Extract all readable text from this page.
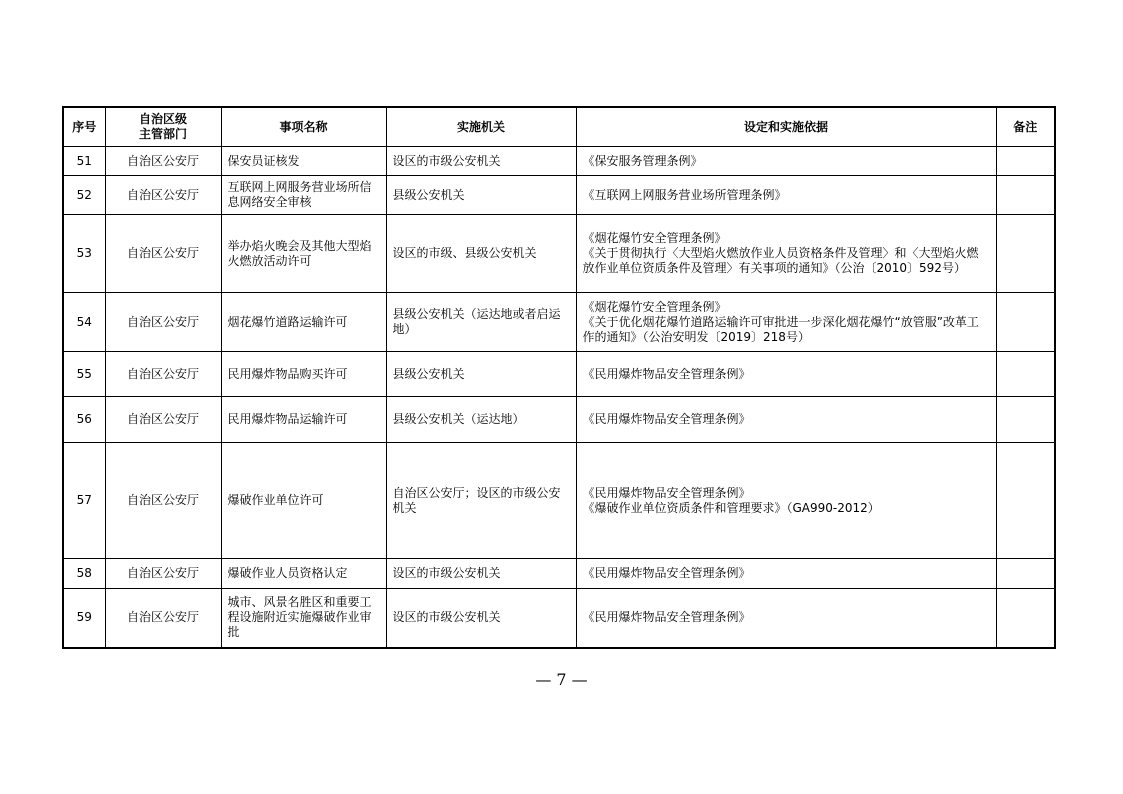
序号	自治区级
主管部门	事项名称	实施机关	设定和实施依据	备注
51	自治区公安厅	保安员证核发	设区的市级公安机关	《保安服务管理条例》	
52	自治区公安厅	互联网上网服务营业场所信息网络安全审核	县级公安机关	《互联网上网服务营业场所管理条例》	
53	自治区公安厅	举办焰火晚会及其他大型焰火燃放活动许可	设区的市级、县级公安机关	《烟花爆竹安全管理条例》
《关于贯彻执行〈大型焰火燃放作业人员资格条件及管理〉和〈大型焰火燃放作业单位资质条件及管理〉有关事项的通知》（公治〔2010〕592号）	
54	自治区公安厅	烟花爆竹道路运输许可	县级公安机关（运达地或者启运地）	《烟花爆竹安全管理条例》
《关于优化烟花爆竹道路运输许可审批进一步深化烟花爆竹“放管服”改革工作的通知》（公治安明发〔2019〕218号）	
55	自治区公安厅	民用爆炸物品购买许可	县级公安机关	《民用爆炸物品安全管理条例》	
56	自治区公安厅	民用爆炸物品运输许可	县级公安机关（运达地）	《民用爆炸物品安全管理条例》	
57	自治区公安厅	爆破作业单位许可	自治区公安厅；设区的市级公安机关	《民用爆炸物品安全管理条例》
《爆破作业单位资质条件和管理要求》（GA990-2012）	
58	自治区公安厅	爆破作业人员资格认定	设区的市级公安机关	《民用爆炸物品安全管理条例》	
59	自治区公安厅	城市、风景名胜区和重要工程设施附近实施爆破作业审批	设区的市级公安机关	《民用爆炸物品安全管理条例》	
— 7 —
